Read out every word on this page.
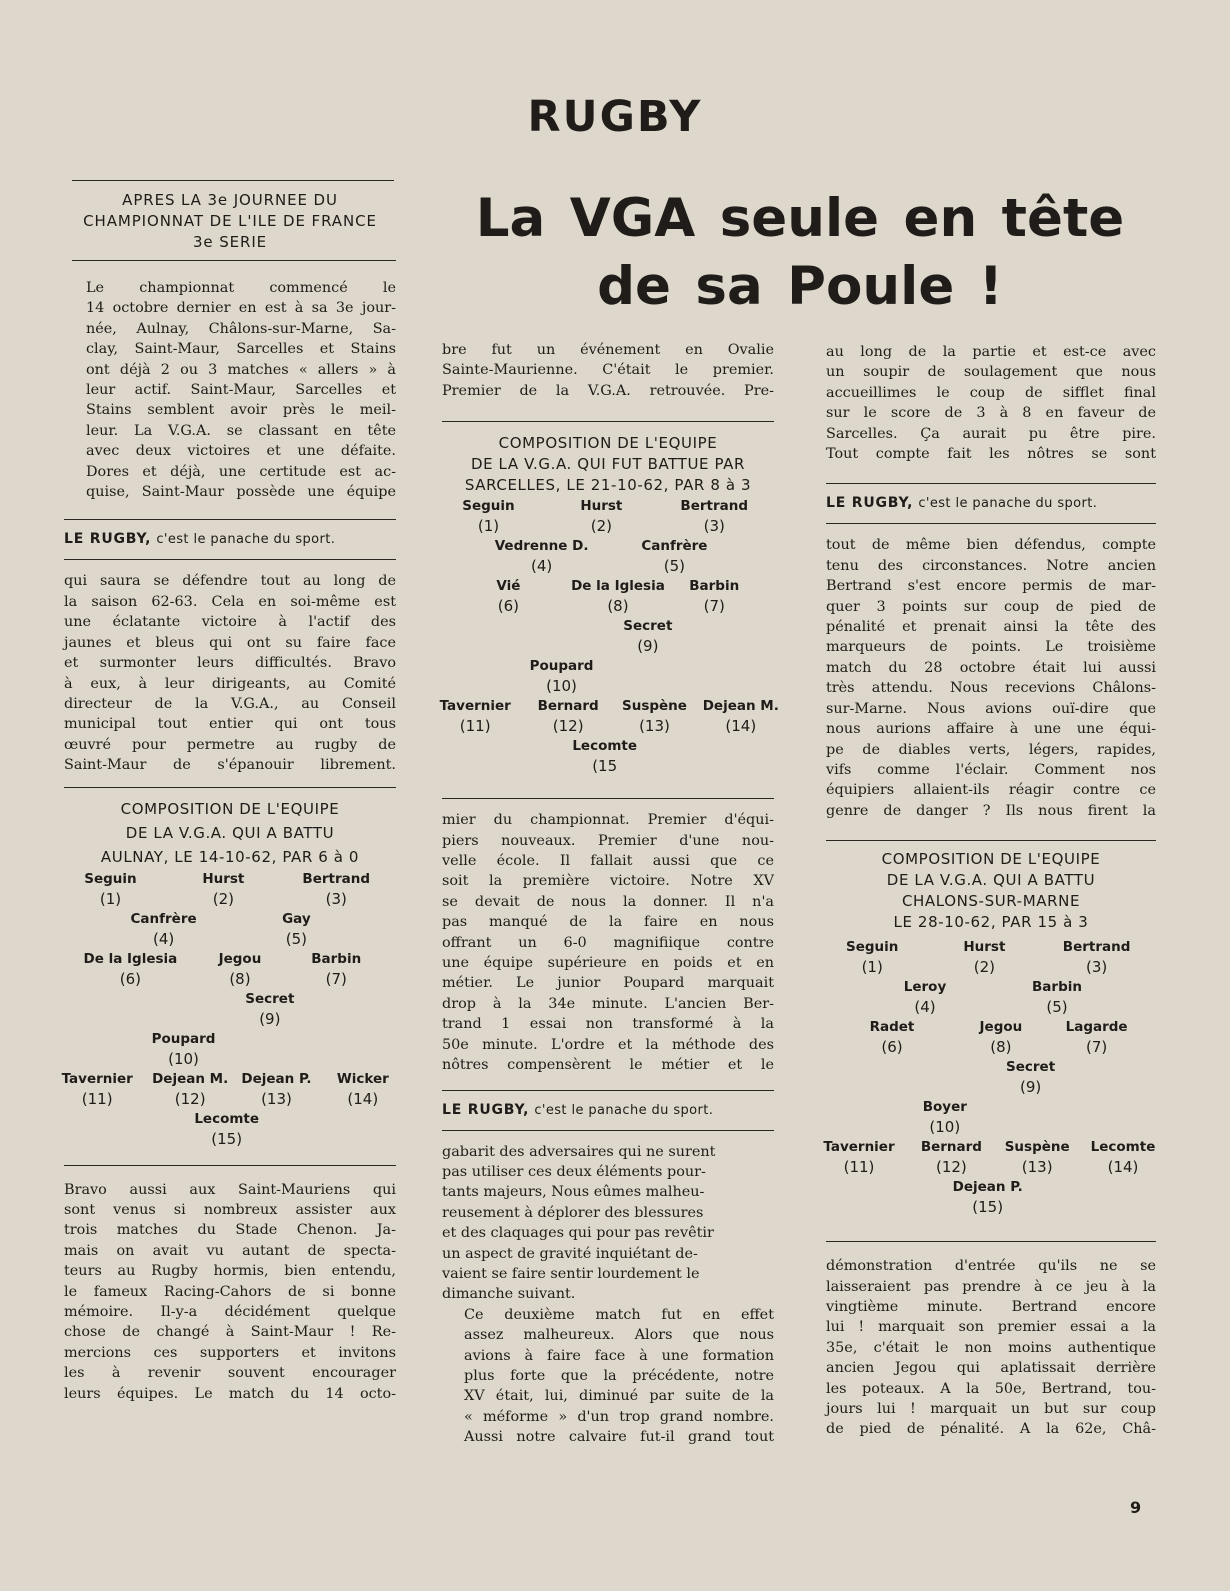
RUGBY
La VGA seule en tête
de sa Poule !

APRES LA 3e JOURNEE DU
CHAMPIONNAT DE L'ILE DE FRANCE
3e SERIE

Le championnat commencé le
14 octobre dernier en est à sa 3e jour-
née, Aulnay, Châlons-sur-Marne, Sa-
clay, Saint-Maur, Sarcelles et Stains
ont déjà 2 ou 3 matches « allers » à
leur actif. Saint-Maur, Sarcelles et
Stains semblent avoir près le meil-
leur. La V.G.A. se classant en tête
avec deux victoires et une défaite.
Dores et déjà, une certitude est ac-
quise, Saint-Maur possède une équipe

LE RUGBY, c'est le panache du sport.

qui saura se défendre tout au long de
la saison 62-63. Cela en soi-même est
une éclatante victoire à l'actif des
jaunes et bleus qui ont su faire face
et surmonter leurs difficultés. Bravo
à eux, à leur dirigeants, au Comité
directeur de la V.G.A., au Conseil
municipal tout entier qui ont tous
œuvré pour permetre au rugby de
Saint-Maur de s'épanouir librement.

COMPOSITION DE L'EQUIPE
DE LA V.G.A. QUI A BATTU
AULNAY, LE 14-10-62, PAR 6 à 0

Seguin
(1)
Hurst
(2)
Bertrand
(3)
Canfrère
(4)
Gay
(5)
De la Iglesia
(6)
Jegou
(8)
Barbin
(7)
Secret
(9)
Poupard
(10)
Tavernier
(11)
Dejean M.
(12)
Dejean P.
(13)
Wicker
(14)
Lecomte
(15)

Bravo aussi aux Saint-Mauriens qui
sont venus si nombreux assister aux
trois matches du Stade Chenon. Ja-
mais on avait vu autant de specta-
teurs au Rugby hormis, bien entendu,
le fameux Racing-Cahors de si bonne
mémoire. Il-y-a décidément quelque
chose de changé à Saint-Maur ! Re-
mercions ces supporters et invitons
les à revenir souvent encourager
leurs équipes. Le match du 14 octo-

bre fut un événement en Ovalie
Sainte-Maurienne. C'était le premier.
Premier de la V.G.A. retrouvée. Pre-

COMPOSITION DE L'EQUIPE
DE LA V.G.A. QUI FUT BATTUE PAR
SARCELLES, LE 21-10-62, PAR 8 à 3

Seguin
(1)
Hurst
(2)
Bertrand
(3)
Vedrenne D.
(4)
Canfrère
(5)
Vié
(6)
De la Iglesia
(8)
Barbin
(7)
Secret
(9)
Poupard
(10)
Tavernier
(11)
Bernard
(12)
Suspène
(13)
Dejean M.
(14)
Lecomte
(15

mier du championnat. Premier d'équi-
piers nouveaux. Premier d'une nou-
velle école. Il fallait aussi que ce
soit la première victoire. Notre XV
se devait de nous la donner. Il n'a
pas manqué de la faire en nous
offrant un 6-0 magnifiique contre
une équipe supérieure en poids et en
métier. Le junior Poupard marquait
drop à la 34e minute. L'ancien Ber-
trand 1 essai non transformé à la
50e minute. L'ordre et la méthode des
nôtres compensèrent le métier et le

LE RUGBY, c'est le panache du sport.

gabarit des adversaires qui ne surent
pas utiliser ces deux éléments pour-
tants majeurs, Nous eûmes malheu-
reusement à déplorer des blessures
et des claquages qui pour pas revêtir
un aspect de gravité inquiétant de-
vaient se faire sentir lourdement le
dimanche suivant.

Ce deuxième match fut en effet
assez malheureux. Alors que nous
avions à faire face à une formation
plus forte que la précédente, notre
XV était, lui, diminué par suite de la
« méforme » d'un trop grand nombre.
Aussi notre calvaire fut-il grand tout

au long de la partie et est-ce avec
un soupir de soulagement que nous
accueillimes le coup de sifflet final
sur le score de 3 à 8 en faveur de
Sarcelles. Ça aurait pu être pire.
Tout compte fait les nôtres se sont

LE RUGBY, c'est le panache du sport.

tout de même bien défendus, compte
tenu des circonstances. Notre ancien
Bertrand s'est encore permis de mar-
quer 3 points sur coup de pied de
pénalité et prenait ainsi la tête des
marqueurs de points. Le troisième
match du 28 octobre était lui aussi
très attendu. Nous recevions Châlons-
sur-Marne. Nous avions ouï-dire que
nous aurions affaire à une une équi-
pe de diables verts, légers, rapides,
vifs comme l'éclair. Comment nos
équipiers allaient-ils réagir contre ce
genre de danger ? Ils nous firent la

COMPOSITION DE L'EQUIPE
DE LA V.G.A. QUI A BATTU
CHALONS-SUR-MARNE
LE 28-10-62, PAR 15 à 3

Seguin
(1)
Hurst
(2)
Bertrand
(3)
Leroy
(4)
Barbin
(5)
Radet
(6)
Jegou
(8)
Lagarde
(7)
Secret
(9)
Boyer
(10)
Tavernier
(11)
Bernard
(12)
Suspène
(13)
Lecomte
(14)
Dejean P.
(15)

démonstration d'entrée qu'ils ne se
laisseraient pas prendre à ce jeu à la
vingtième minute. Bertrand encore
lui ! marquait son premier essai a la
35e, c'était le non moins authentique
ancien Jegou qui aplatissait derrière
les poteaux. A la 50e, Bertrand, tou-
jours lui ! marquait un but sur coup
de pied de pénalité. A la 62e, Châ-

9
